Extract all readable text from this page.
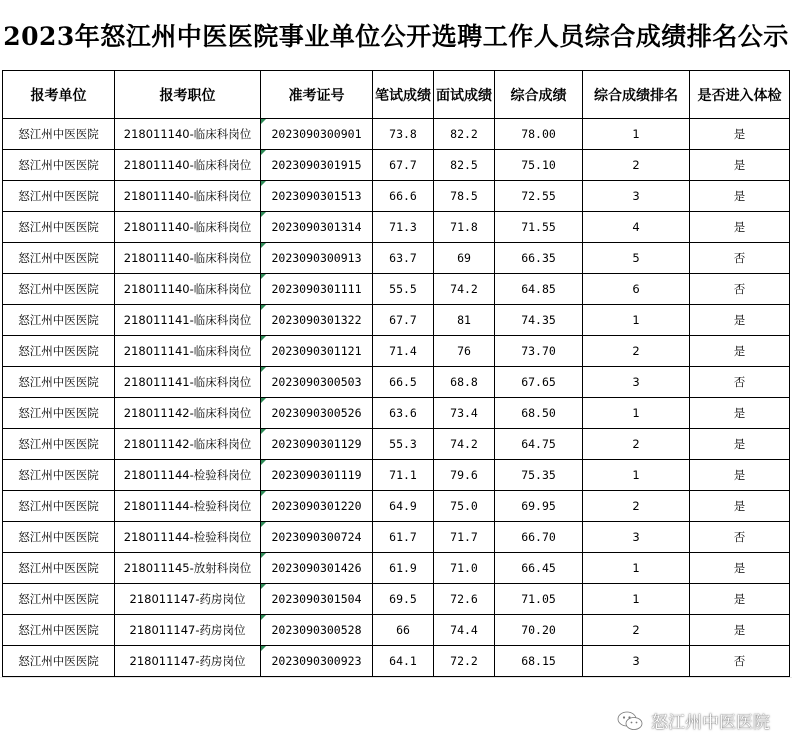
2023年怒江州中医医院事业单位公开选聘工作人员综合成绩排名公示
报考单位	报考职位	准考证号	笔试成绩	面试成绩	综合成绩	综合成绩排名	是否进入体检
怒江州中医医院	218011140-临床科岗位	2023090300901	73.8	82.2	78.00	1	是
怒江州中医医院	218011140-临床科岗位	2023090301915	67.7	82.5	75.10	2	是
怒江州中医医院	218011140-临床科岗位	2023090301513	66.6	78.5	72.55	3	是
怒江州中医医院	218011140-临床科岗位	2023090301314	71.3	71.8	71.55	4	是
怒江州中医医院	218011140-临床科岗位	2023090300913	63.7	69	66.35	5	否
怒江州中医医院	218011140-临床科岗位	2023090301111	55.5	74.2	64.85	6	否
怒江州中医医院	218011141-临床科岗位	2023090301322	67.7	81	74.35	1	是
怒江州中医医院	218011141-临床科岗位	2023090301121	71.4	76	73.70	2	是
怒江州中医医院	218011141-临床科岗位	2023090300503	66.5	68.8	67.65	3	否
怒江州中医医院	218011142-临床科岗位	2023090300526	63.6	73.4	68.50	1	是
怒江州中医医院	218011142-临床科岗位	2023090301129	55.3	74.2	64.75	2	是
怒江州中医医院	218011144-检验科岗位	2023090301119	71.1	79.6	75.35	1	是
怒江州中医医院	218011144-检验科岗位	2023090301220	64.9	75.0	69.95	2	是
怒江州中医医院	218011144-检验科岗位	2023090300724	61.7	71.7	66.70	3	否
怒江州中医医院	218011145-放射科岗位	2023090301426	61.9	71.0	66.45	1	是
怒江州中医医院	218011147-药房岗位	2023090301504	69.5	72.6	71.05	1	是
怒江州中医医院	218011147-药房岗位	2023090300528	66	74.4	70.20	2	是
怒江州中医医院	218011147-药房岗位	2023090300923	64.1	72.2	68.15	3	否
怒江州中医医院
